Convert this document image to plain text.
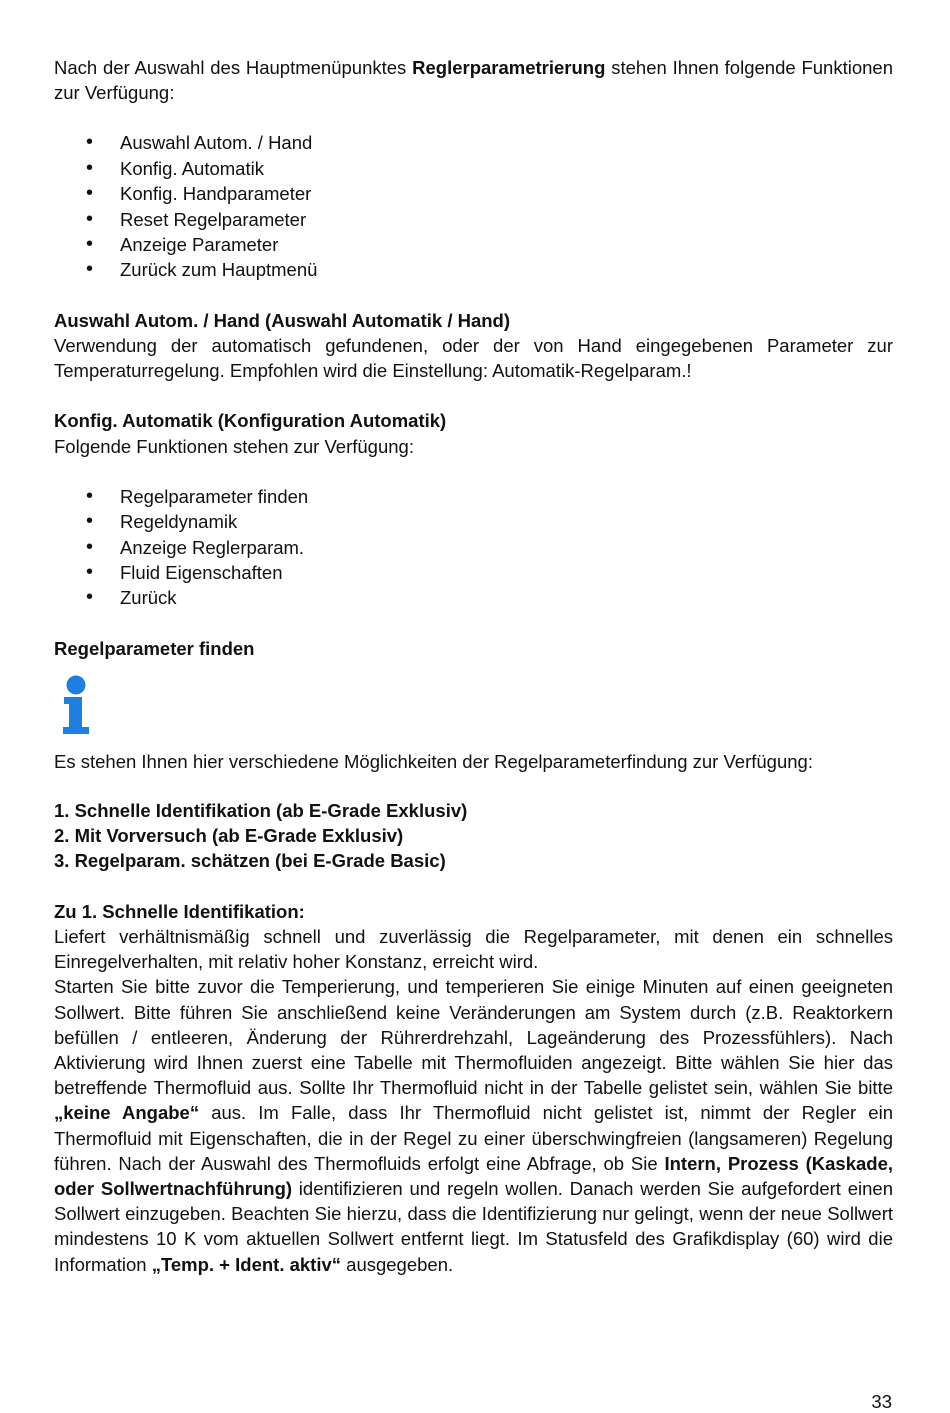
Nach der Auswahl des Hauptmenüpunktes Reglerparametrierung stehen Ihnen folgende Funktionen zur Verfügung:

• Auswahl Autom. / Hand
• Konfig. Automatik
• Konfig. Handparameter
• Reset Regelparameter
• Anzeige Parameter
• Zurück zum Hauptmenü

Auswahl Autom. / Hand (Auswahl Automatik / Hand)

Verwendung der automatisch gefundenen, oder der von Hand eingegebenen Parameter zur Temperaturregelung. Empfohlen wird die Einstellung: Automatik-Regelparam.!

Konfig. Automatik (Konfiguration Automatik)

Folgende Funktionen stehen zur Verfügung:

• Regelparameter finden
• Regeldynamik
• Anzeige Reglerparam.
• Fluid Eigenschaften
• Zurück

Regelparameter finden

Es stehen Ihnen hier verschiedene Möglichkeiten der Regelparameterfindung zur Verfügung:

1. Schnelle Identifikation (ab E-Grade Exklusiv)

2. Mit Vorversuch (ab E-Grade Exklusiv)

3. Regelparam. schätzen (bei E-Grade Basic)

Zu 1. Schnelle Identifikation:

Liefert verhältnismäßig schnell und zuverlässig die Regelparameter, mit denen ein schnelles Einregelverhalten, mit relativ hoher Konstanz, erreicht wird.

Starten Sie bitte zuvor die Temperierung, und temperieren Sie einige Minuten auf einen geeigneten Sollwert. Bitte führen Sie anschließend keine Veränderungen am System durch (z.B. Reaktorkern befüllen / entleeren, Änderung der Rührerdrehzahl, Lageänderung des Prozessfühlers). Nach Aktivierung wird Ihnen zuerst eine Tabelle mit Thermofluiden angezeigt. Bitte wählen Sie hier das betreffende Thermofluid aus. Sollte Ihr Thermofluid nicht in der Tabelle gelistet sein, wählen Sie bitte „keine Angabe“ aus. Im Falle, dass Ihr Thermofluid nicht gelistet ist, nimmt der Regler ein Thermofluid mit Eigenschaften, die in der Regel zu einer überschwingfreien (langsameren) Regelung führen. Nach der Auswahl des Thermofluids erfolgt eine Abfrage, ob Sie Intern, Prozess (Kaskade, oder Sollwertnachführung) identifizieren und regeln wollen. Danach werden Sie aufgefordert einen Sollwert einzugeben. Beachten Sie hierzu, dass die Identifizierung nur gelingt, wenn der neue Sollwert mindestens 10 K vom aktuellen Sollwert entfernt liegt. Im Statusfeld des Grafikdisplay (60) wird die Information „Temp. + Ident. aktiv“ ausgegeben.

33
